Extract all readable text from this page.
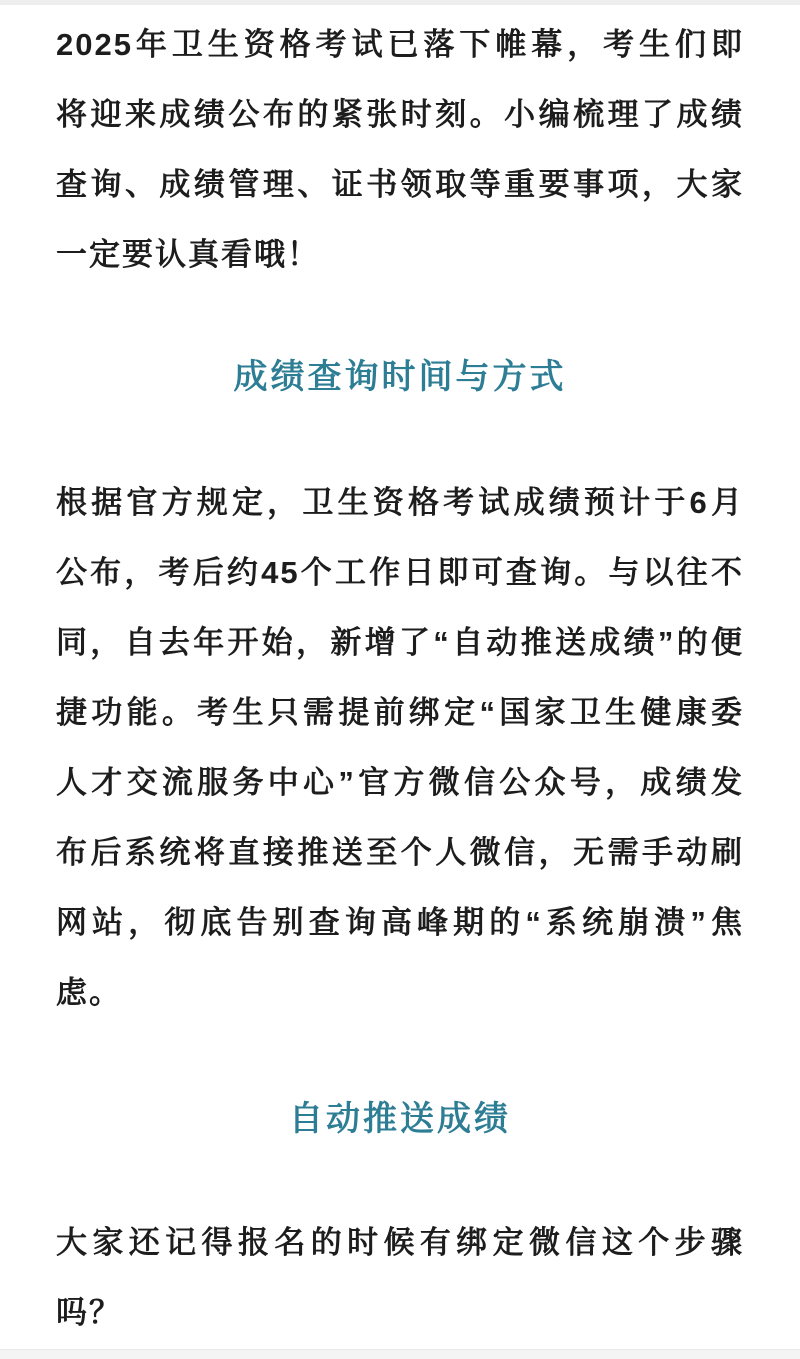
2025年卫生资格考试已落下帷幕，考生们即
将迎来成绩公布的紧张时刻。小编梳理了成绩
查询、成绩管理、证书领取等重要事项，大家
一定要认真看哦！
成绩查询时间与方式
根据官方规定，卫生资格考试成绩预计于6月
公布，考后约45个工作日即可查询。与以往不
同，自去年开始，新增了“自动推送成绩”的便
捷功能。考生只需提前绑定“国家卫生健康委
人才交流服务中心”官方微信公众号，成绩发
布后系统将直接推送至个人微信，无需手动刷
网站，彻底告别查询高峰期的“系统崩溃”焦
虑。
自动推送成绩
大家还记得报名的时候有绑定微信这个步骤
吗？
